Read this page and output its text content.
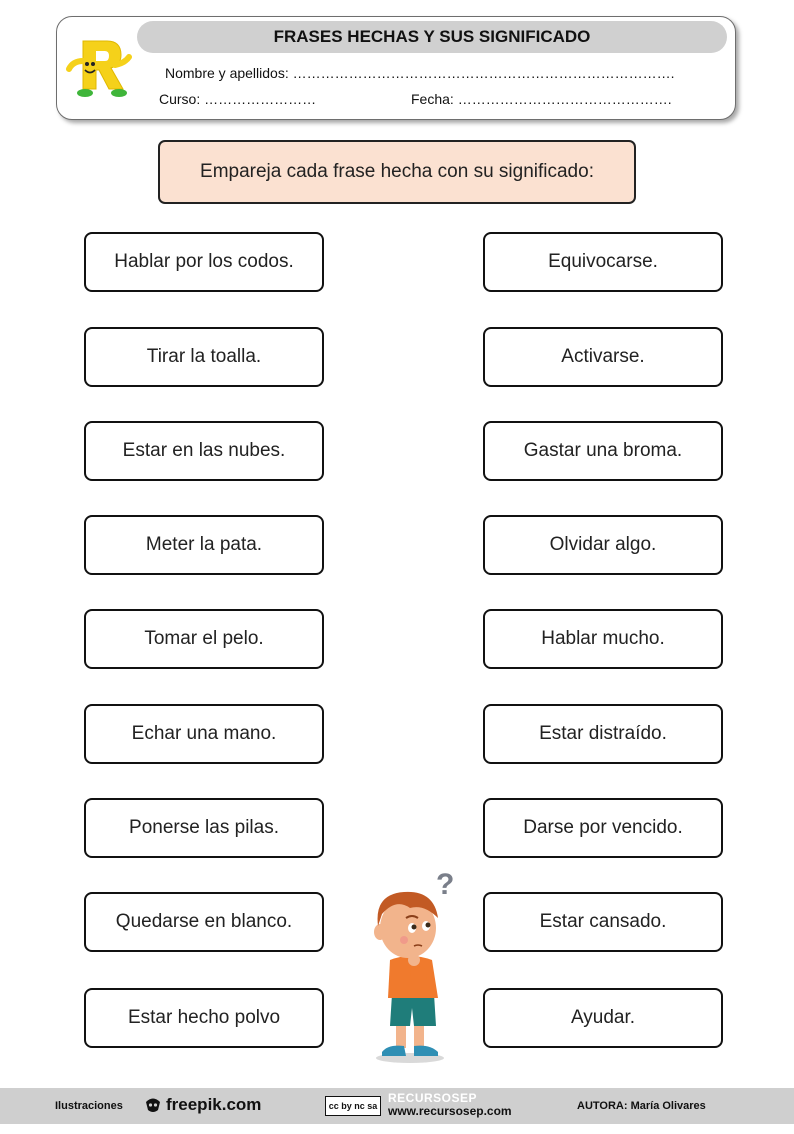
FRASES HECHAS Y SUS SIGNIFICADO
Nombre y apellidos: ……………………………………………………………………….
Curso: ……………………	Fecha: ……………………………………….
Empareja cada frase hecha con su significado:
Hablar por los codos.
Tirar la toalla.
Estar en las nubes.
Meter la pata.
Tomar el pelo.
Echar una mano.
Ponerse las pilas.
Quedarse en blanco.
Estar hecho polvo
Equivocarse.
Activarse.
Gastar una broma.
Olvidar algo.
Hablar mucho.
Estar distraído.
Darse por vencido.
Estar cansado.
Ayudar.
?
Ilustraciones	freepik.com	cc by nc sa
RECURSOSEP
www.recursosep.com	AUTORA: María Olivares
